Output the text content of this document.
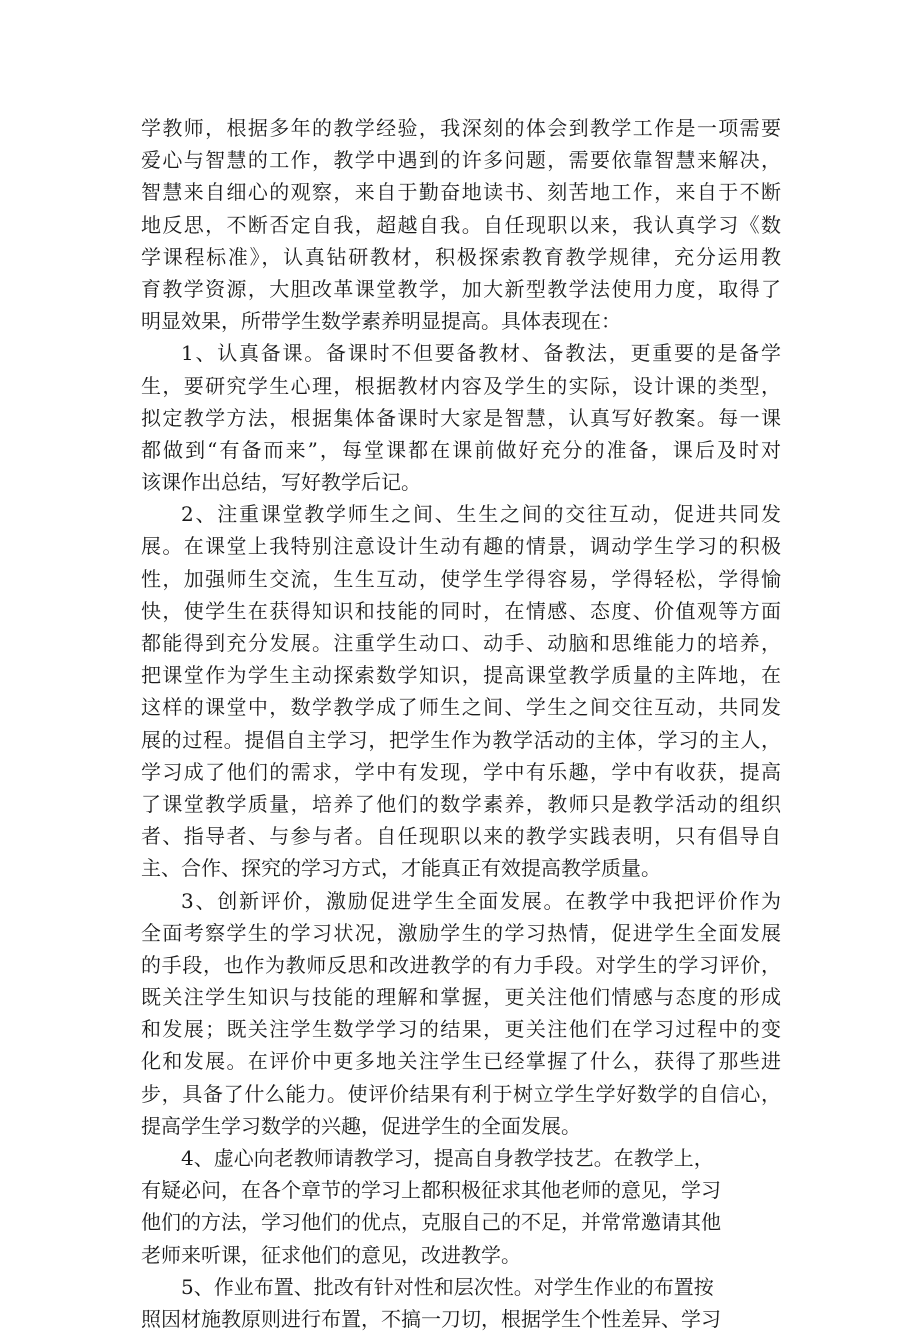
学教师，根据多年的教学经验，我深刻的体会到教学工作是一项需要
爱心与智慧的工作，教学中遇到的许多问题，需要依靠智慧来解决，
智慧来自细心的观察，来自于勤奋地读书、刻苦地工作，来自于不断
地反思，不断否定自我，超越自我。自任现职以来，我认真学习《数
学课程标准》，认真钻研教材，积极探索教育教学规律，充分运用教
育教学资源，大胆改革课堂教学，加大新型教学法使用力度，取得了
明显效果，所带学生数学素养明显提高。具体表现在：
1、认真备课。备课时不但要备教材、备教法，更重要的是备学
生，要研究学生心理，根据教材内容及学生的实际，设计课的类型，
拟定教学方法，根据集体备课时大家是智慧，认真写好教案。每一课
都做到“有备而来”，每堂课都在课前做好充分的准备，课后及时对
该课作出总结，写好教学后记。
2、注重课堂教学师生之间、生生之间的交往互动，促进共同发
展。在课堂上我特别注意设计生动有趣的情景，调动学生学习的积极
性，加强师生交流，生生互动，使学生学得容易，学得轻松，学得愉
快，使学生在获得知识和技能的同时，在情感、态度、价值观等方面
都能得到充分发展。注重学生动口、动手、动脑和思维能力的培养，
把课堂作为学生主动探索数学知识，提高课堂教学质量的主阵地，在
这样的课堂中，数学教学成了师生之间、学生之间交往互动，共同发
展的过程。提倡自主学习，把学生作为教学活动的主体，学习的主人，
学习成了他们的需求，学中有发现，学中有乐趣，学中有收获，提高
了课堂教学质量，培养了他们的数学素养，教师只是教学活动的组织
者、指导者、与参与者。自任现职以来的教学实践表明，只有倡导自
主、合作、探究的学习方式，才能真正有效提高教学质量。
3、创新评价，激励促进学生全面发展。在教学中我把评价作为
全面考察学生的学习状况，激励学生的学习热情，促进学生全面发展
的手段，也作为教师反思和改进教学的有力手段。对学生的学习评价，
既关注学生知识与技能的理解和掌握，更关注他们情感与态度的形成
和发展；既关注学生数学学习的结果，更关注他们在学习过程中的变
化和发展。在评价中更多地关注学生已经掌握了什么，获得了那些进
步，具备了什么能力。使评价结果有利于树立学生学好数学的自信心，
提高学生学习数学的兴趣，促进学生的全面发展。
4、虚心向老教师请教学习，提高自身教学技艺。在教学上，
有疑必问，在各个章节的学习上都积极征求其他老师的意见，学习
他们的方法，学习他们的优点，克服自己的不足，并常常邀请其他
老师来听课，征求他们的意见，改进教学。
5、作业布置、批改有针对性和层次性。对学生作业的布置按
照因材施教原则进行布置，不搞一刀切，根据学生个性差异、学习
